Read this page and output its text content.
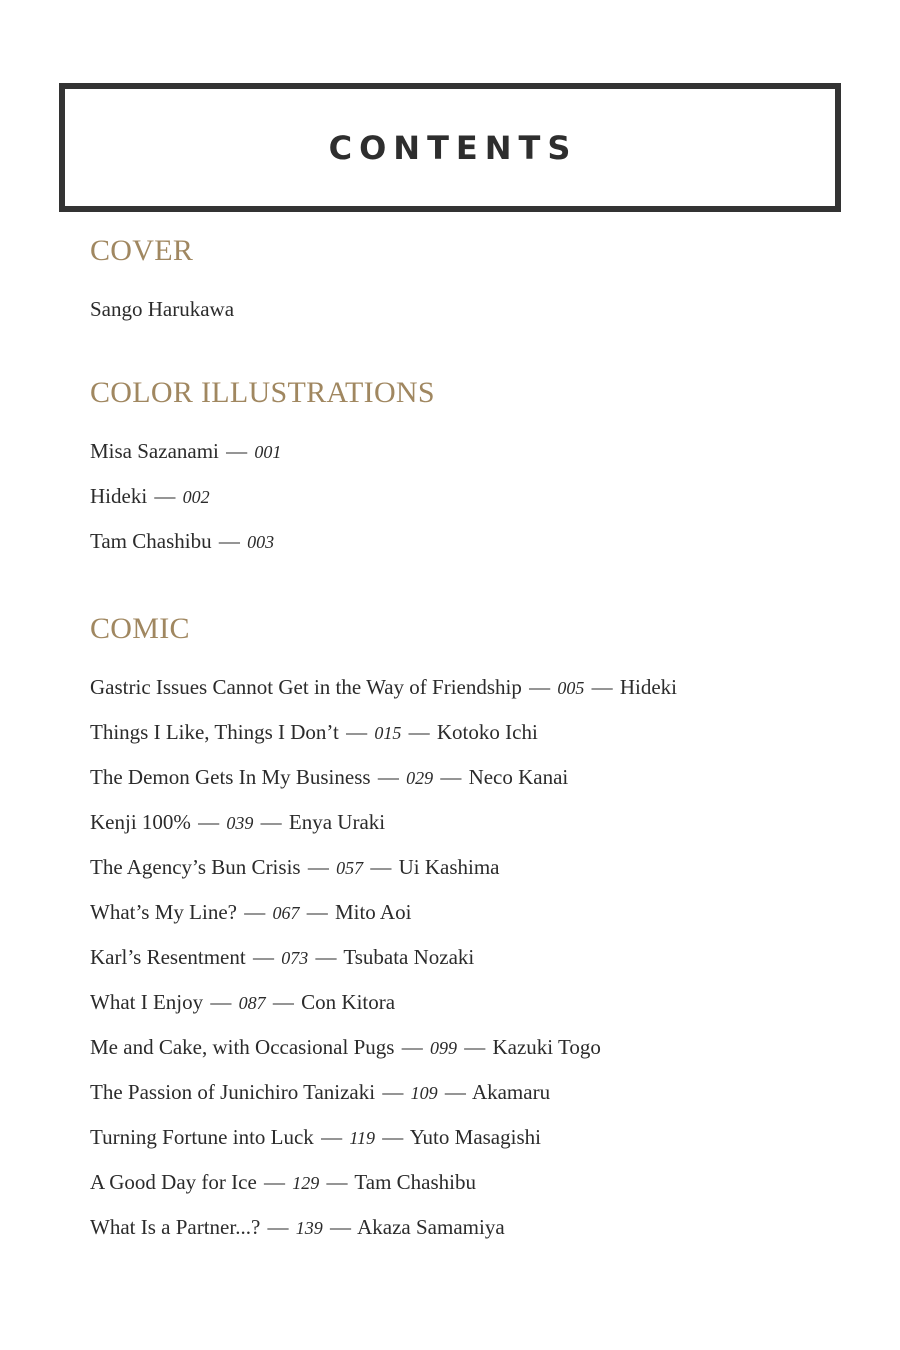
CONTENTS
COVER
Sango Harukawa
COLOR ILLUSTRATIONS
Misa Sazanami — 001
Hideki — 002
Tam Chashibu — 003
COMIC
Gastric Issues Cannot Get in the Way of Friendship — 005 — Hideki
Things I Like, Things I Don’t — 015 — Kotoko Ichi
The Demon Gets In My Business — 029 — Neco Kanai
Kenji 100% — 039 — Enya Uraki
The Agency’s Bun Crisis — 057 — Ui Kashima
What’s My Line? — 067 — Mito Aoi
Karl’s Resentment — 073 — Tsubata Nozaki
What I Enjoy — 087 — Con Kitora
Me and Cake, with Occasional Pugs — 099 — Kazuki Togo
The Passion of Junichiro Tanizaki — 109 — Akamaru
Turning Fortune into Luck — 119 — Yuto Masagishi
A Good Day for Ice — 129 — Tam Chashibu
What Is a Partner...? — 139 — Akaza Samamiya
